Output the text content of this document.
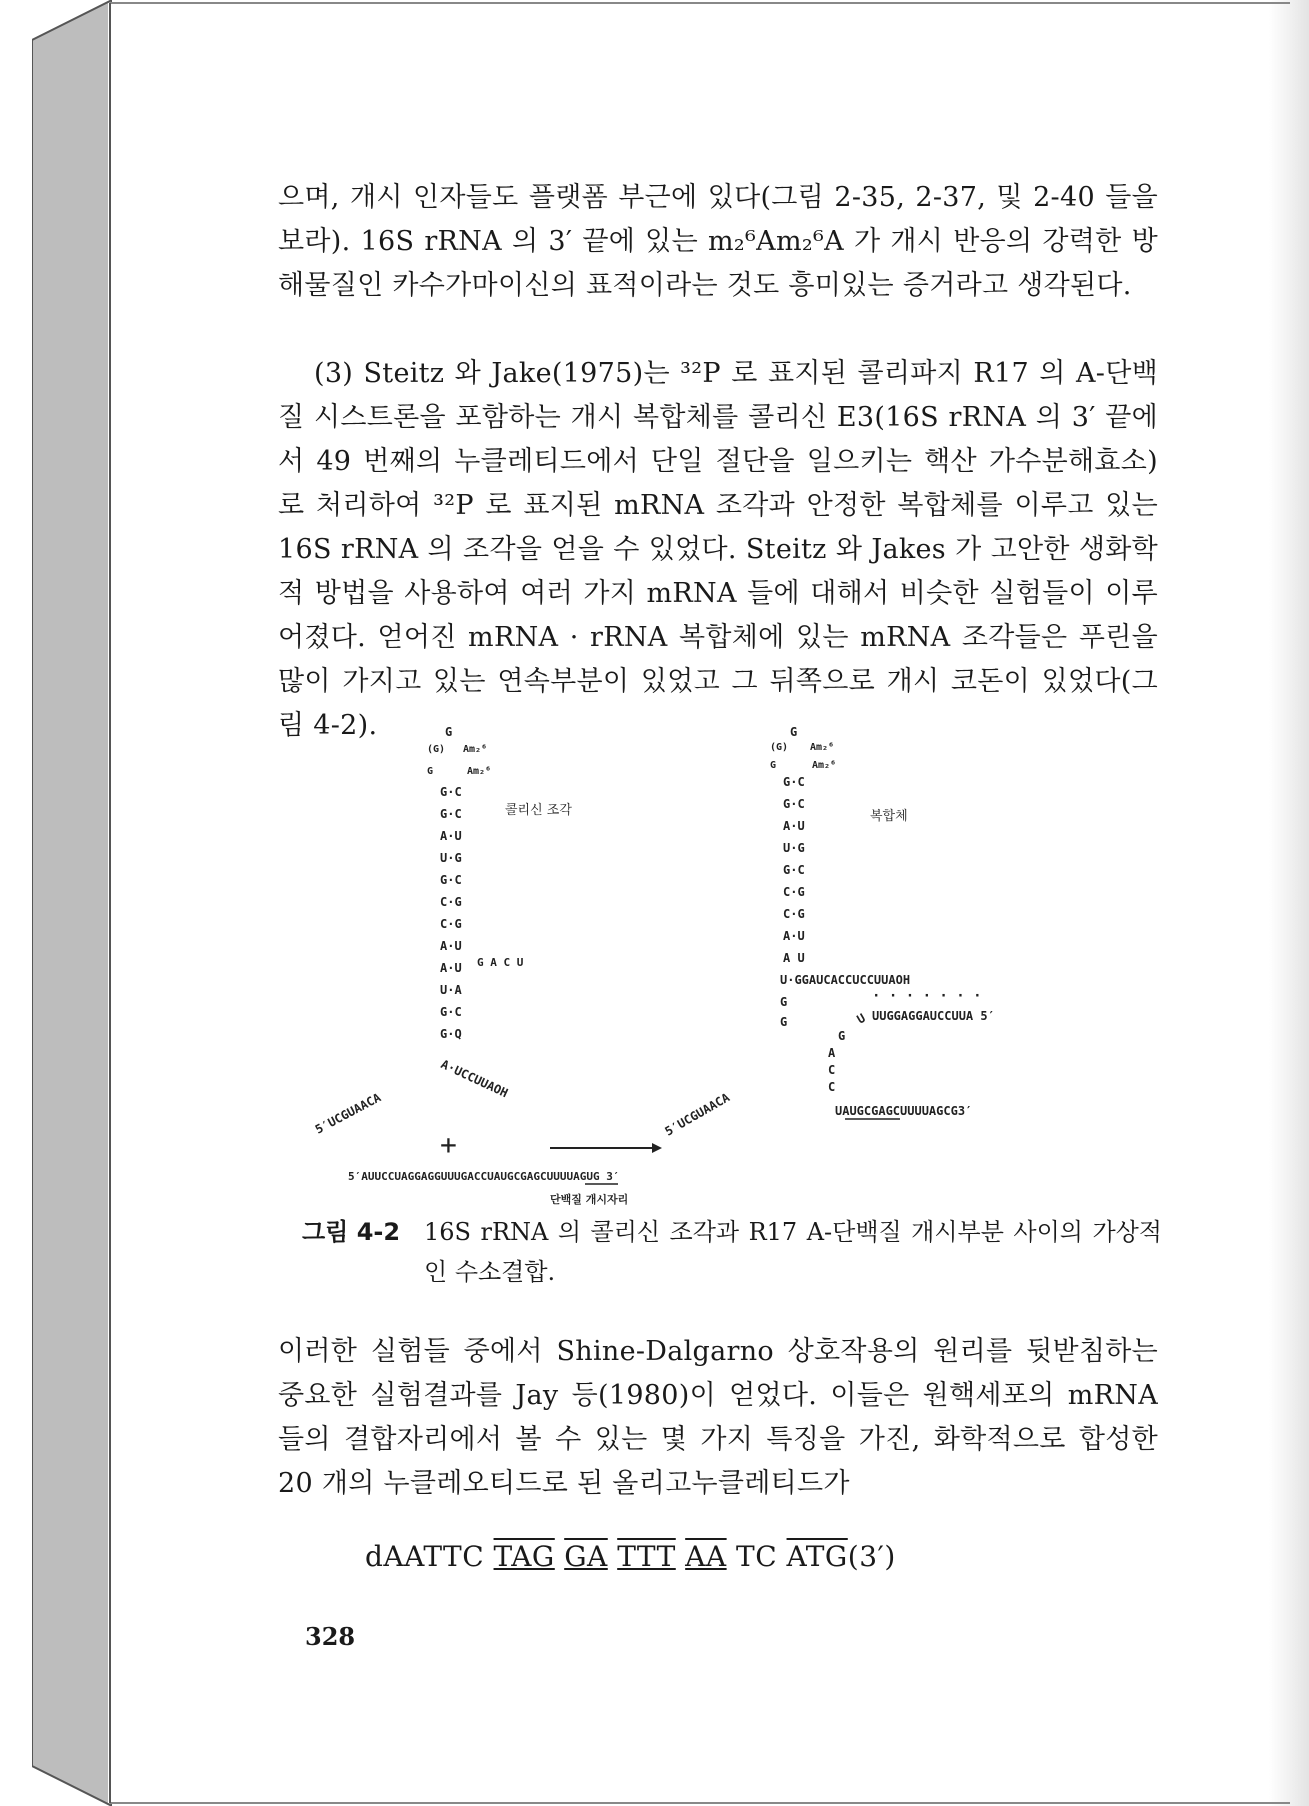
으며, 개시 인자들도 플랫폼 부근에 있다(그림 2-35, 2-37, 및 2-40 들을 보라). 16S rRNA 의 3′ 끝에 있는 m₂⁶Am₂⁶A 가 개시 반응의 강력한 방해물질인 카수가마이신의 표적이라는 것도 흥미있는 증거라고 생각된다.
(3) Steitz 와 Jake(1975)는 ³²P 로 표지된 콜리파지 R17 의 A-단백질 시스트론을 포함하는 개시 복합체를 콜리신 E3(16S rRNA 의 3′ 끝에서 49 번째의 누클레티드에서 단일 절단을 일으키는 핵산 가수분해효소)로 처리하여 ³²P 로 표지된 mRNA 조각과 안정한 복합체를 이루고 있는 16S rRNA 의 조각을 얻을 수 있었다. Steitz 와 Jakes 가 고안한 생화학적 방법을 사용하여 여러 가지 mRNA 들에 대해서 비슷한 실험들이 이루어졌다. 얻어진 mRNA · rRNA 복합체에 있는 mRNA 조각들은 푸린을 많이 가지고 있는 연속부분이 있었고 그 뒤쪽으로 개시 코돈이 있었다(그림 4-2).	G
(G) Am₂⁶
G	Am₂⁶
G·C
G·C
A·U
U·G
G·C
C·G
C·G
A·U
A·U
U·A
G·C
G·Q
G A C U
5′UCGUAACA
A·UCCUUAOH
콜리신 조각
G
(G) Am₂⁶
G	Am₂⁶
G·C
G·C
A·U
U·G
G·C
C·G
C·G
A·U
A U
U·GGAUCACCUCCUUAOH
· · · · · · ·
G
G	U
G
A
C
C
UUGGAGGAUCCUUA 5′
UAUGCGAGCUUUUAGCG3′
5′UCGUAACA
복합체
+
5′AUUCCUAGGAGGUUUGACCUAUGCGAGCUUUUAGUG 3′
단백질 개시자리
그림 4-2 16S rRNA 의 콜리신 조각과 R17 A-단백질 개시부분 사이의 가상적인 수소결합.
이러한 실험들 중에서 Shine-Dalgarno 상호작용의 원리를 뒷받침하는 중요한 실험결과를 Jay 등(1980)이 얻었다. 이들은 원핵세포의 mRNA 들의 결합자리에서 볼 수 있는 몇 가지 특징을 가진, 화학적으로 합성한 20 개의 누클레오티드로 된 올리고누클레티드가
dAATTC TAG GA TTT AA TC $\overline{ATG}(3')$
328
